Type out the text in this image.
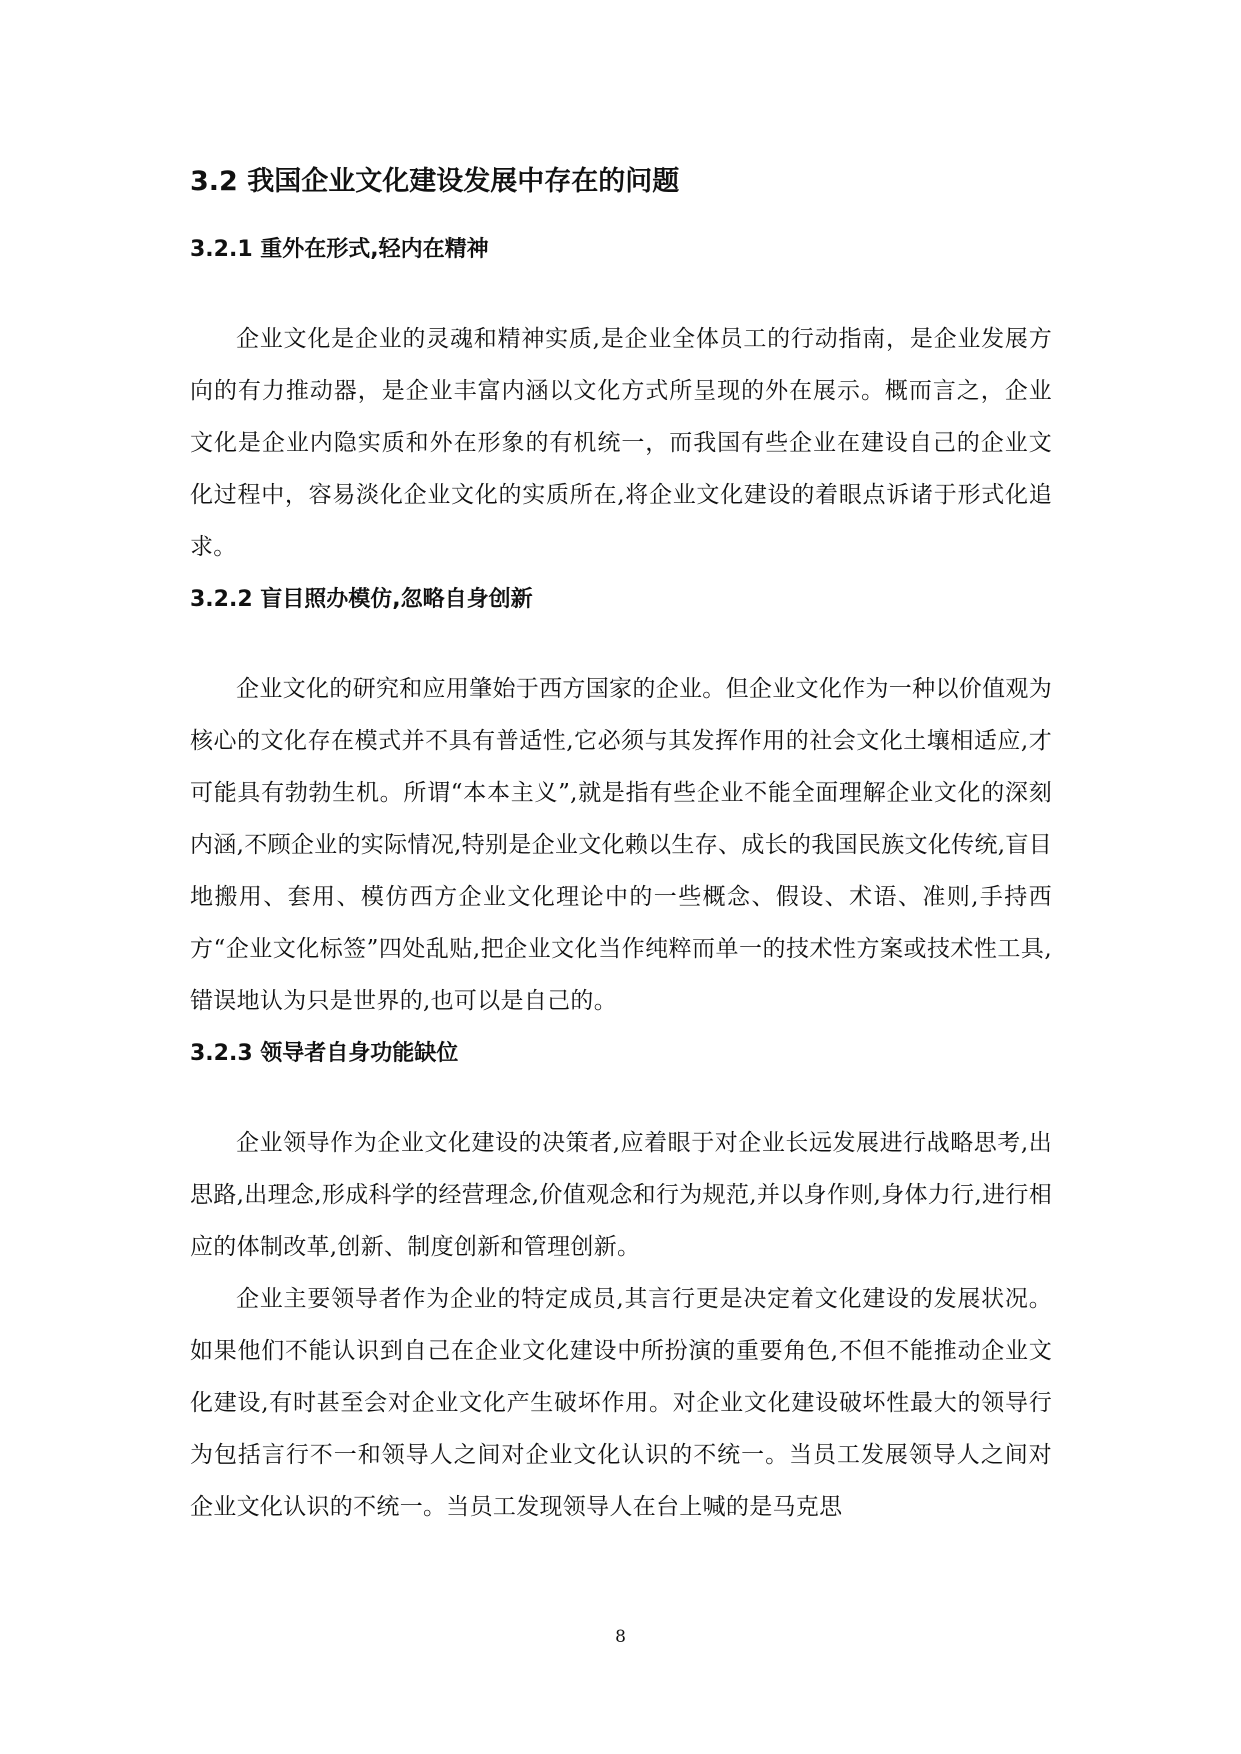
3.2 我国企业文化建设发展中存在的问题
3.2.1 重外在形式,轻内在精神

企业文化是企业的灵魂和精神实质,是企业全体员工的行动指南，是企业发展方向的有力推动器，是企业丰富内涵以文化方式所呈现的外在展示。概而言之，企业文化是企业内隐实质和外在形象的有机统一，而我国有些企业在建设自己的企业文化过程中，容易淡化企业文化的实质所在,将企业文化建设的着眼点诉诸于形式化追求。

3.2.2 盲目照办模仿,忽略自身创新

企业文化的研究和应用肇始于西方国家的企业。但企业文化作为一种以价值观为核心的文化存在模式并不具有普适性,它必须与其发挥作用的社会文化土壤相适应,才可能具有勃勃生机。所谓“本本主义”,就是指有些企业不能全面理解企业文化的深刻内涵,不顾企业的实际情况,特别是企业文化赖以生存、成长的我国民族文化传统,盲目地搬用、套用、模仿西方企业文化理论中的一些概念、假设、术语、准则,手持西方“企业文化标签”四处乱贴,把企业文化当作纯粹而单一的技术性方案或技术性工具,错误地认为只是世界的,也可以是自己的。

3.2.3 领导者自身功能缺位

企业领导作为企业文化建设的决策者,应着眼于对企业长远发展进行战略思考,出思路,出理念,形成科学的经营理念,价值观念和行为规范,并以身作则,身体力行,进行相应的体制改革,创新、制度创新和管理创新。

企业主要领导者作为企业的特定成员,其言行更是决定着文化建设的发展状况。如果他们不能认识到自己在企业文化建设中所扮演的重要角色,不但不能推动企业文化建设,有时甚至会对企业文化产生破坏作用。对企业文化建设破坏性最大的领导行为包括言行不一和领导人之间对企业文化认识的不统一。当员工发展领导人之间对企业文化认识的不统一。当员工发现领导人在台上喊的是马克思

8
